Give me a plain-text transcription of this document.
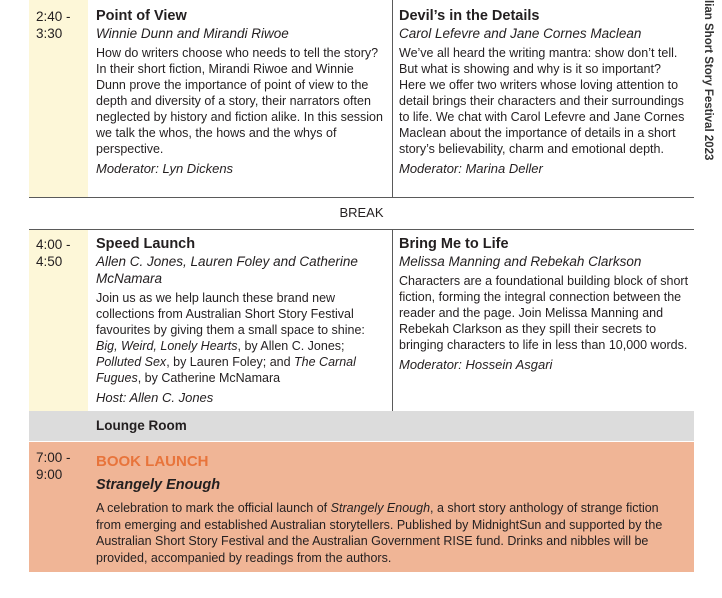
2:40 -
3:30
Point of View
Winnie Dunn and Mirandi Riwoe
How do writers choose who needs to tell the story? In their short fiction, Mirandi Riwoe and Winnie Dunn prove the importance of point of view to the depth and diversity of a story, their narrators often neglected by history and fiction alike. In this session we talk the whos, the hows and the whys of perspective.
Moderator: Lyn Dickens
Devil’s in the Details
Carol Lefevre and Jane Cornes Maclean
We’ve all heard the writing mantra: show don’t tell. But what is showing and why is it so important? Here we offer two writers whose loving attention to detail brings their characters and their surroundings to life. We chat with Carol Lefevre and Jane Cornes Maclean about the importance of details in a short story’s believability, charm and emotional depth.
Moderator: Marina Deller
BREAK
4:00 -
4:50
Speed Launch
Allen C. Jones, Lauren Foley and Catherine McNamara
Join us as we help launch these brand new collections from Australian Short Story Festival favourites by giving them a small space to shine: Big, Weird, Lonely Hearts, by Allen C. Jones; Polluted Sex, by Lauren Foley; and The Carnal Fugues, by Catherine McNamara
Host: Allen C. Jones
Bring Me to Life
Melissa Manning and Rebekah Clarkson
Characters are a foundational building block of short fiction, forming the integral connection between the reader and the page. Join Melissa Manning and Rebekah Clarkson as they spill their secrets to bringing characters to life in less than 10,000 words.
Moderator: Hossein Asgari
Lounge Room
7:00 -
9:00
BOOK LAUNCH
Strangely Enough
A celebration to mark the official launch of Strangely Enough, a short story anthology of strange fiction from emerging and established Australian storytellers. Published by MidnightSun and supported by the Australian Short Story Festival and the Australian Government RISE fund. Drinks and nibbles will be provided, accompanied by readings from the authors.
lian Short Story Festival 2023
